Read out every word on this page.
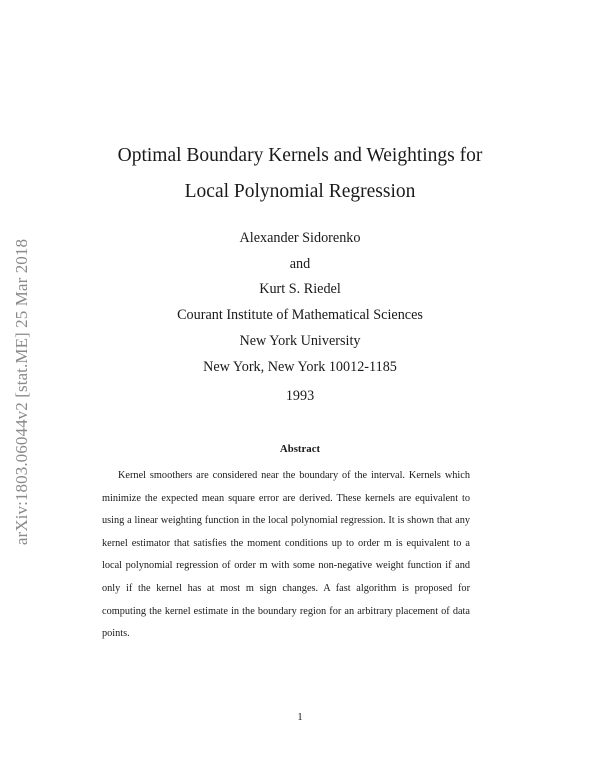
arXiv:1803.06044v2 [stat.ME] 25 Mar 2018
Optimal Boundary Kernels and Weightings for
Local Polynomial Regression
Alexander Sidorenko
and
Kurt S. Riedel
Courant Institute of Mathematical Sciences
New York University
New York, New York 10012-1185
1993
Abstract
Kernel smoothers are considered near the boundary of the interval. Kernels which minimize the expected mean square error are derived. These kernels are equivalent to using a linear weighting function in the local polynomial regression. It is shown that any kernel estimator that satisfies the moment conditions up to order m is equivalent to a local polynomial regression of order m with some non-negative weight function if and only if the kernel has at most m sign changes. A fast algorithm is proposed for computing the kernel estimate in the boundary region for an arbitrary placement of data points.
1
